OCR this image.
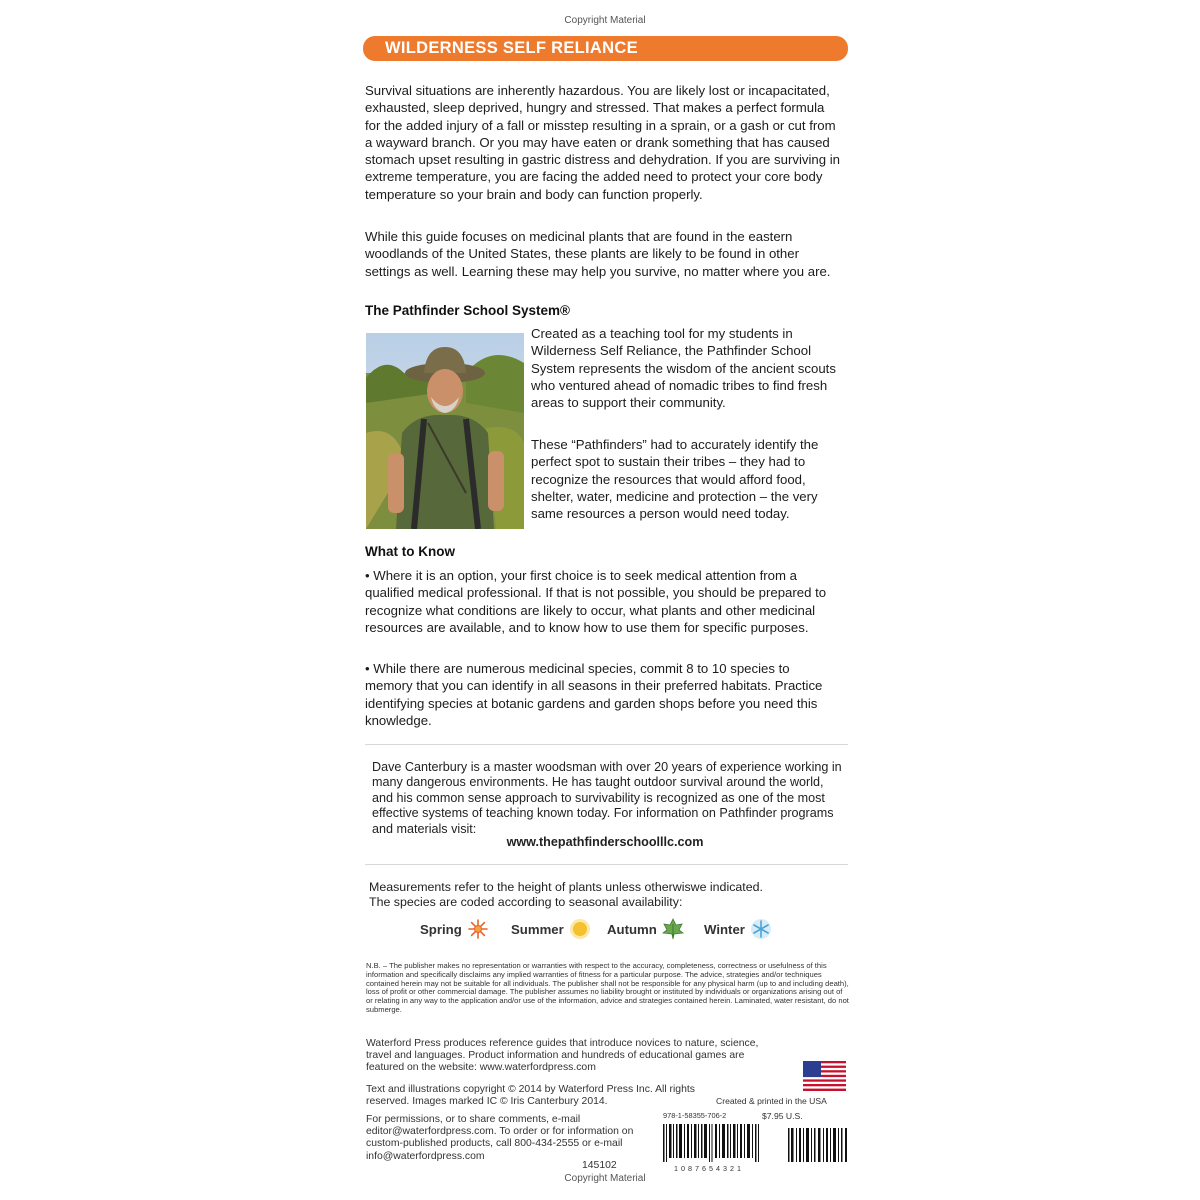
Copyright Material
WILDERNESS SELF RELIANCE

Survival situations are inherently hazardous. You are likely lost or incapacitated, exhausted, sleep deprived, hungry and stressed. That makes a perfect formula for the added injury of a fall or misstep resulting in a sprain, or a gash or cut from a wayward branch. Or you may have eaten or drank something that has caused stomach upset resulting in gastric distress and dehydration. If you are surviving in extreme temperature, you are facing the added need to protect your core body temperature so your brain and body can function properly.

While this guide focuses on medicinal plants that are found in the eastern woodlands of the United States, these plants are likely to be found in other settings as well. Learning these may help you survive, no matter where you are.

The Pathfinder School System®

Created as a teaching tool for my students in Wilderness Self Reliance, the Pathfinder School System represents the wisdom of the ancient scouts who ventured ahead of nomadic tribes to find fresh areas to support their community.

These “Pathfinders” had to accurately identify the perfect spot to sustain their tribes – they had to recognize the resources that would afford food, shelter, water, medicine and protection – the very same resources a person would need today.

What to Know

• Where it is an option, your first choice is to seek medical attention from a qualified medical professional. If that is not possible, you should be prepared to recognize what conditions are likely to occur, what plants and other medicinal resources are available, and to know how to use them for specific purposes.

• While there are numerous medicinal species, commit 8 to 10 species to memory that you can identify in all seasons in their preferred habitats. Practice identifying species at botanic gardens and garden shops before you need this knowledge.

Dave Canterbury is a master woodsman with over 20 years of experience working in many dangerous environments. He has taught outdoor survival around the world, and his common sense approach to survivability is recognized as one of the most effective systems of teaching known today. For information on Pathfinder programs and materials visit:

www.thepathfinderschoolllc.com
Measurements refer to the height of plants unless otherwiswe indicated.
The species are coded according to seasonal availability:
Spring	Summer	Autumn	Winter

N.B. – The publisher makes no representation or warranties with respect to the accuracy, completeness, correctness or usefulness of this information and specifically disclaims any implied warranties of fitness for a particular purpose. The advice, strategies and/or techniques contained herein may not be suitable for all individuals. The publisher shall not be responsible for any physical harm (up to and including death), loss of profit or other commercial damage. The publisher assumes no liability brought or instituted by individuals or organizations arising out of or relating in any way to the application and/or use of the information, advice and strategies contained herein. Laminated, water resistant, do not submerge.

Waterford Press produces reference guides that introduce novices to nature, science, travel and languages. Product information and hundreds of educational games are featured on the website: www.waterfordpress.com

Text and illustrations copyright © 2014 by Waterford Press Inc. All rights reserved. Images marked IC © Iris Canterbury 2014.

For permissions, or to share comments, e-mail editor@waterfordpress.com. To order or for information on custom-published products, call 800-434-2555 or e-mail info@waterfordpress.com

Created & printed in the USA
978-1-58355-706-2	$7.95 U.S.
1 0 8 7 6 5 4 3 2 1
145102
Copyright Material
